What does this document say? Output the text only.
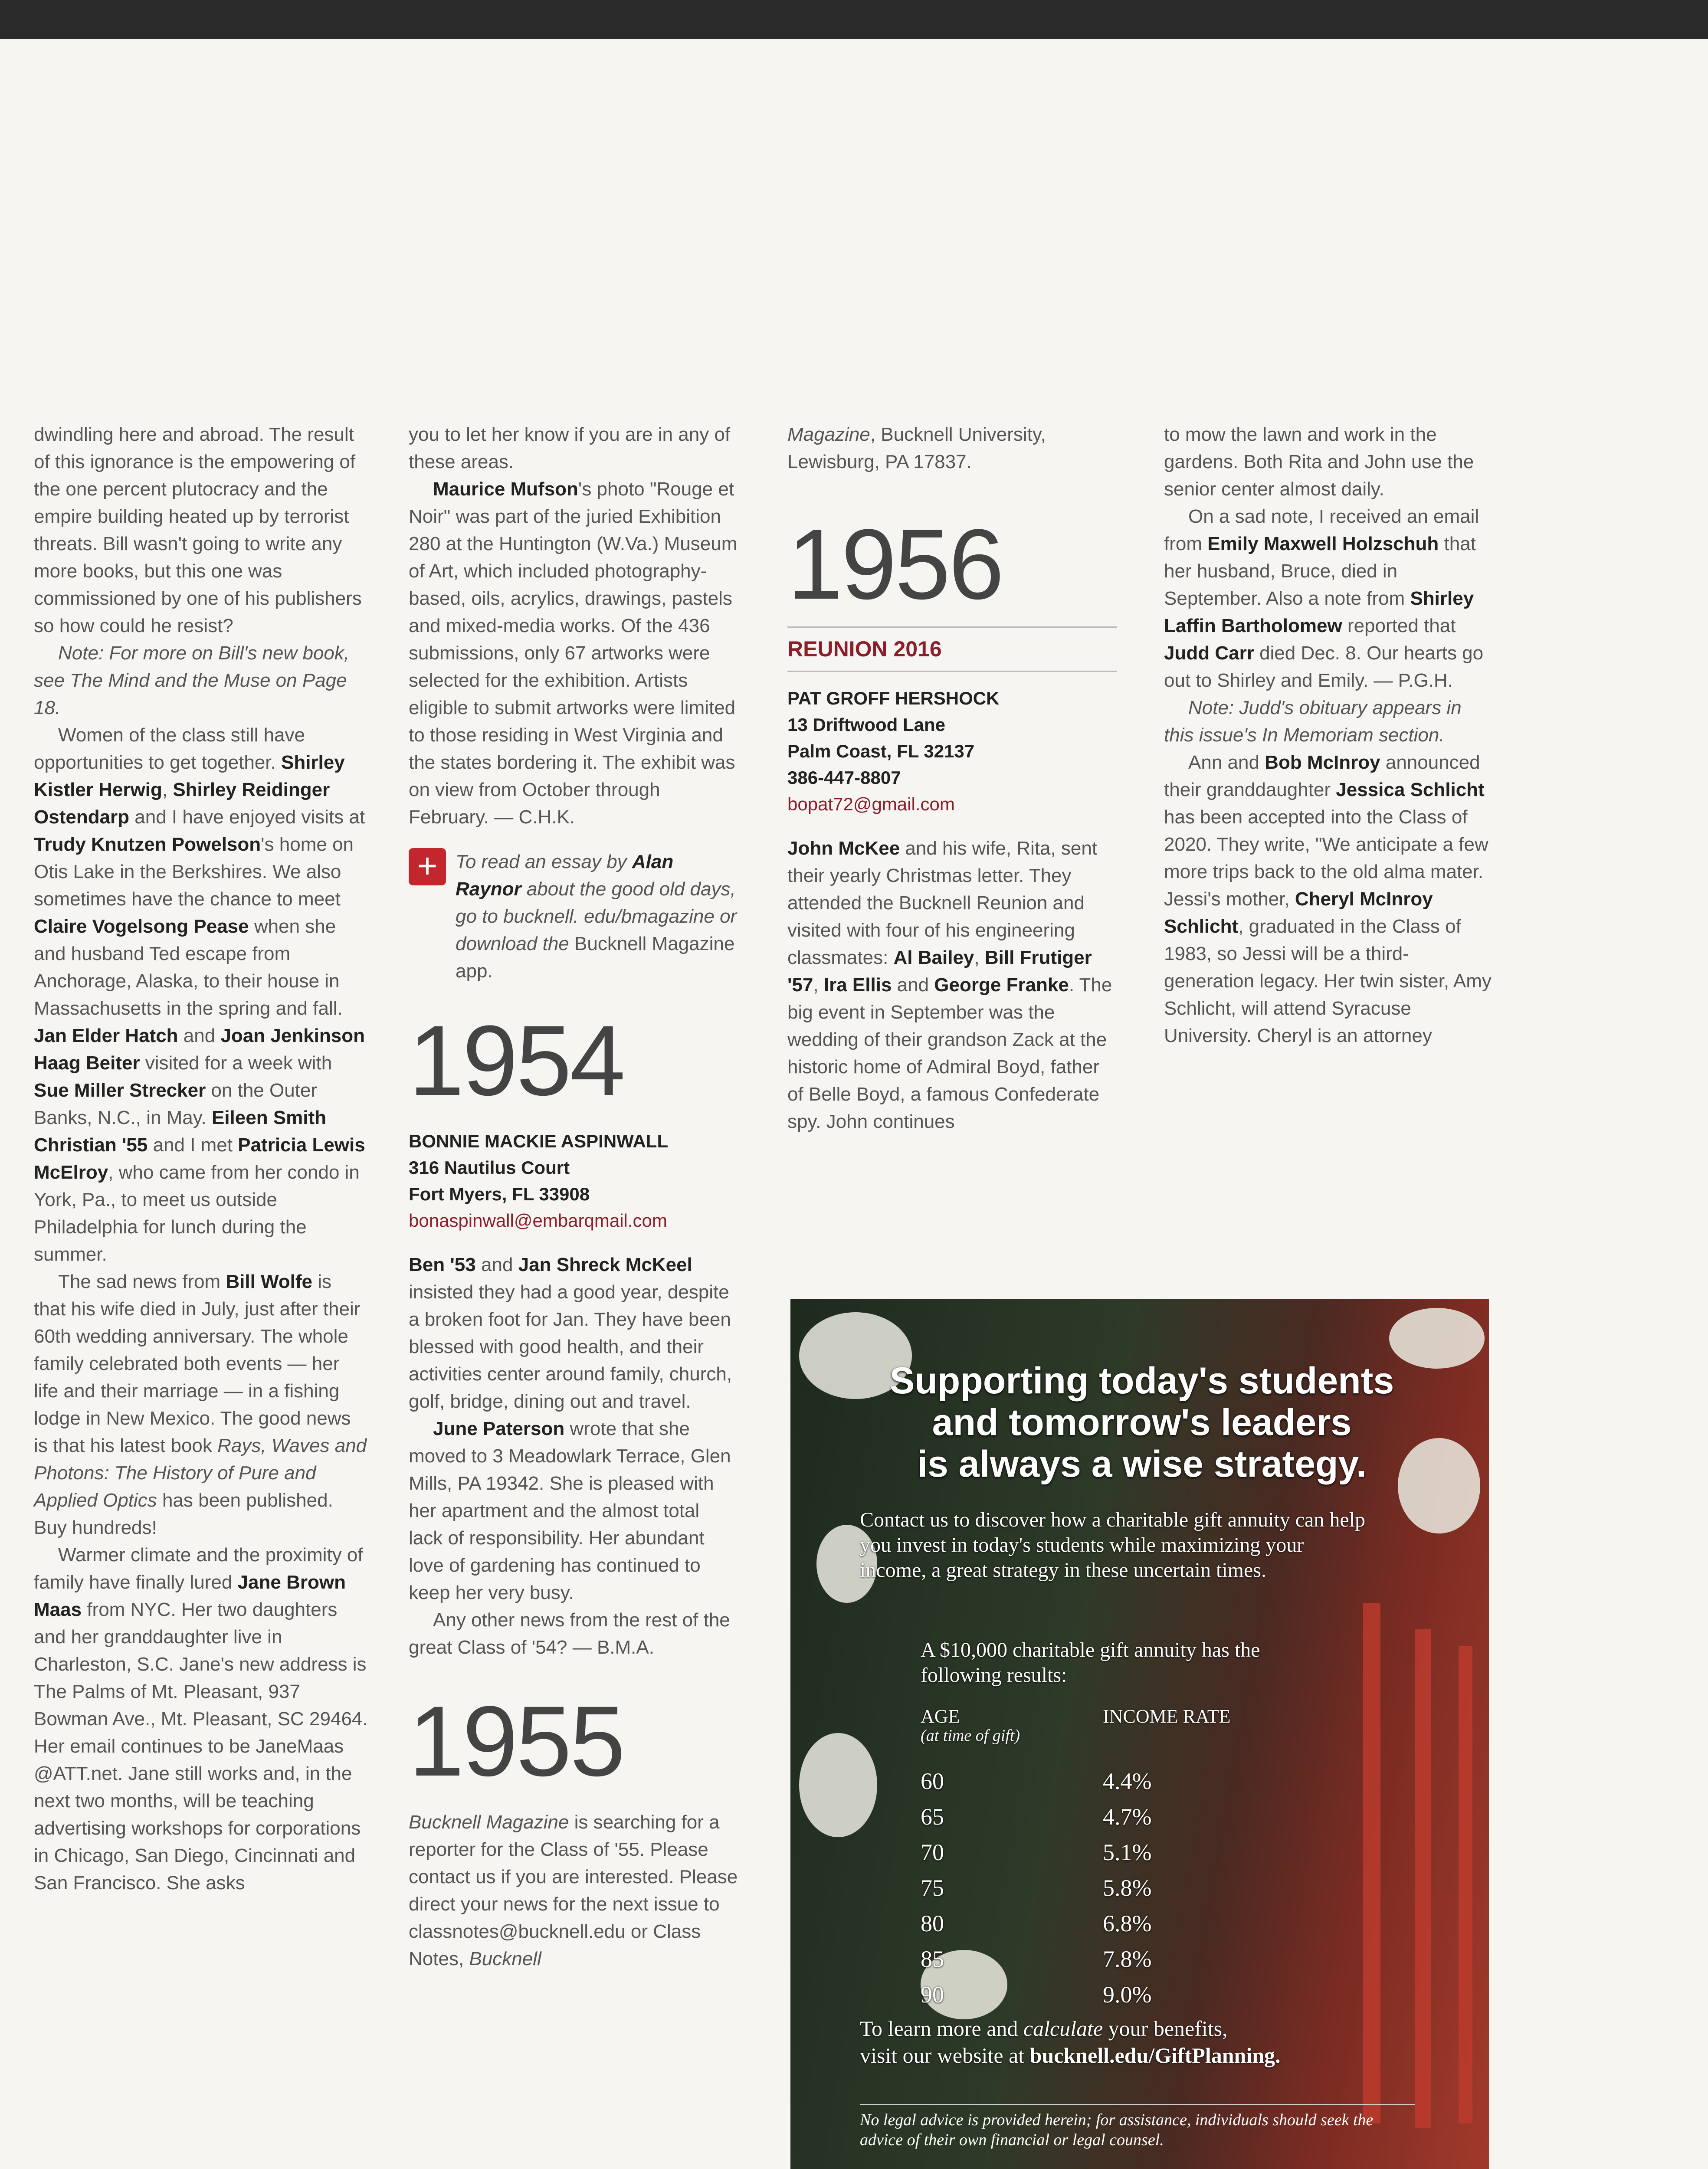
dwindling here and abroad. The result of this ignorance is the empowering of the one percent plutocracy and the empire building heated up by terrorist threats. Bill wasn't going to write any more books, but this one was commissioned by one of his publishers so how could he resist?

Note: For more on Bill's new book, see The Mind and the Muse on Page 18.

Women of the class still have opportunities to get together. Shirley Kistler Herwig, Shirley Reidinger Ostendarp and I have enjoyed visits at Trudy Knutzen Powelson's home on Otis Lake in the Berkshires. We also sometimes have the chance to meet Claire Vogelsong Pease when she and husband Ted escape from Anchorage, Alaska, to their house in Massachusetts in the spring and fall. Jan Elder Hatch and Joan Jenkinson Haag Beiter visited for a week with Sue Miller Strecker on the Outer Banks, N.C., in May. Eileen Smith Christian '55 and I met Patricia Lewis McElroy, who came from her condo in York, Pa., to meet us outside Philadelphia for lunch during the summer.

The sad news from Bill Wolfe is that his wife died in July, just after their 60th wedding anniversary. The whole family celebrated both events — her life and their marriage — in a fishing lodge in New Mexico. The good news is that his latest book Rays, Waves and Photons: The History of Pure and Applied Optics has been published. Buy hundreds!

Warmer climate and the proximity of family have finally lured Jane Brown Maas from NYC. Her two daughters and her granddaughter live in Charleston, S.C. Jane's new address is The Palms of Mt. Pleasant, 937 Bowman Ave., Mt. Pleasant, SC 29464. Her email continues to be JaneMaas @ATT.net. Jane still works and, in the next two months, will be teaching advertising workshops for corporations in Chicago, San Diego, Cincinnati and San Francisco. She asks

you to let her know if you are in any of these areas.

Maurice Mufson's photo "Rouge et Noir" was part of the juried Exhibition 280 at the Huntington (W.Va.) Museum of Art, which included photography-based, oils, acrylics, drawings, pastels and mixed-media works. Of the 436 submissions, only 67 artworks were selected for the exhibition. Artists eligible to submit artworks were limited to those residing in West Virginia and the states bordering it. The exhibit was on view from October through February. — C.H.K.

+ To read an essay by Alan Raynor about the good old days, go to bucknell. edu/bmagazine or download the Bucknell Magazine app.
1954
BONNIE MACKIE ASPINWALL
316 Nautilus Court
Fort Myers, FL 33908
bonaspinwall@embarqmail.com

Ben '53 and Jan Shreck McKeel insisted they had a good year, despite a broken foot for Jan. They have been blessed with good health, and their activities center around family, church, golf, bridge, dining out and travel.

June Paterson wrote that she moved to 3 Meadowlark Terrace, Glen Mills, PA 19342. She is pleased with her apartment and the almost total lack of responsibility. Her abundant love of gardening has continued to keep her very busy.

Any other news from the rest of the great Class of '54? — B.M.A.

1955

Bucknell Magazine is searching for a reporter for the Class of '55. Please contact us if you are interested. Please direct your news for the next issue to classnotes@bucknell.edu or Class Notes, Bucknell

Magazine, Bucknell University, Lewisburg, PA 17837.

1956
REUNION 2016
PAT GROFF HERSHOCK
13 Driftwood Lane
Palm Coast, FL 32137
386-447-8807
bopat72@gmail.com

John McKee and his wife, Rita, sent their yearly Christmas letter. They attended the Bucknell Reunion and visited with four of his engineering classmates: Al Bailey, Bill Frutiger '57, Ira Ellis and George Franke. The big event in September was the wedding of their grandson Zack at the historic home of Admiral Boyd, father of Belle Boyd, a famous Confederate spy. John continues

to mow the lawn and work in the gardens. Both Rita and John use the senior center almost daily.

On a sad note, I received an email from Emily Maxwell Holzschuh that her husband, Bruce, died in September. Also a note from Shirley Laffin Bartholomew reported that Judd Carr died Dec. 8. Our hearts go out to Shirley and Emily. — P.G.H.

Note: Judd's obituary appears in this issue's In Memoriam section.

Ann and Bob McInroy announced their granddaughter Jessica Schlicht has been accepted into the Class of 2020. They write, "We anticipate a few more trips back to the old alma mater. Jessi's mother, Cheryl McInroy Schlicht, graduated in the Class of 1983, so Jessi will be a third-generation legacy. Her twin sister, Amy Schlicht, will attend Syracuse University. Cheryl is an attorney

Supporting today's students
and tomorrow's leaders
is always a wise strategy.
Contact us to discover how a charitable gift annuity can help you invest in today's students while maximizing your income, a great strategy in these uncertain times.
A $10,000 charitable gift annuity has the following results:
AGE
(at time of gift)	INCOME RATE
60	4.4%
65	4.7%
70	5.1%
75	5.8%
80	6.8%
85	7.8%
90	9.0%
To learn more and calculate your benefits,
visit our website at bucknell.edu/GiftPlanning.
No legal advice is provided herein; for assistance, individuals should seek the advice of their own financial or legal counsel.
